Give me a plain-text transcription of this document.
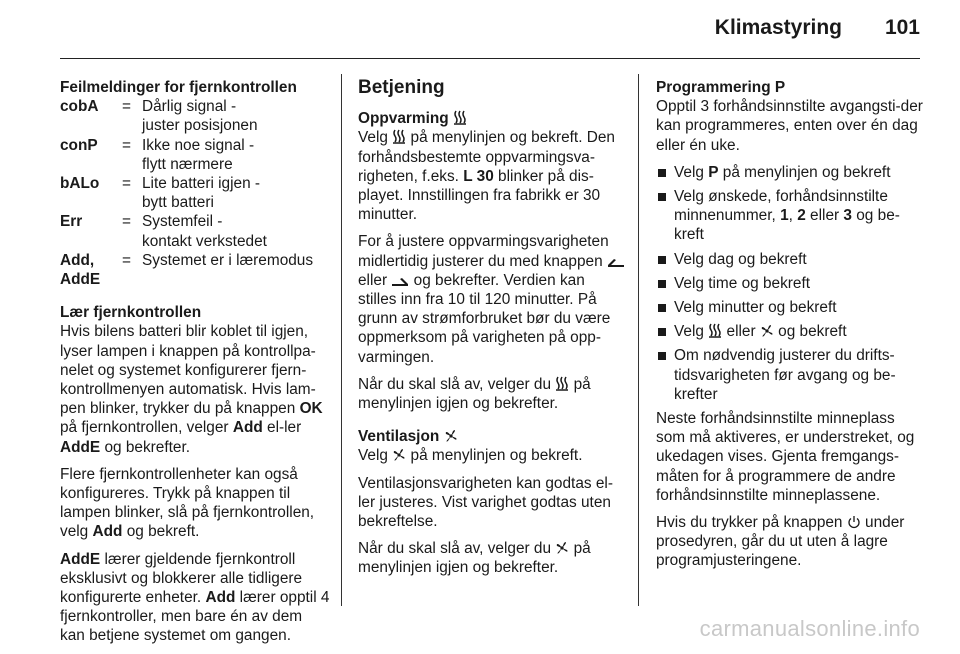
Klimastyring 101

Feilmeldinger for fjernkontrollen

cobA	=	Dårlig signal -
juster posisjonen
conP	=	Ikke noe signal -
flytt nærmere
bALo	=	Lite batteri igjen -
bytt batteri
Err	=	Systemfeil -
kontakt verkstedet
Add,
AddE	=	Systemet er i læremodus

Lær fjernkontrollen

Hvis bilens batteri blir koblet til igjen, lyser lampen i knappen på kontrollpa-nelet og systemet konfigurerer fjern-kontrollmenyen automatisk. Hvis lam-pen blinker, trykker du på knappen OK på fjernkontrollen, velger Add el-ler AddE og bekrefter.

Flere fjernkontrollenheter kan også konfigureres. Trykk på knappen til lampen blinker, slå på fjernkontrollen, velg Add og bekreft.

AddE lærer gjeldende fjernkontroll eksklusivt og blokkerer alle tidligere konfigurerte enheter. Add lærer opptil 4 fjernkontroller, men bare én av dem kan betjene systemet om gangen.

Betjening

Oppvarming

Velg  på menylinjen og bekreft. Den forhåndsbestemte oppvarmingsva-righeten, f.eks. L 30 blinker på dis-playet. Innstillingen fra fabrikk er 30 minutter.

For å justere oppvarmingsvarigheten midlertidig justerer du med knappen  eller  og bekrefter. Verdien kan stilles inn fra 10 til 120 minutter. På grunn av strømforbruket bør du være oppmerksom på varigheten på opp-varmingen.

Når du skal slå av, velger du  på menylinjen igjen og bekrefter.

Ventilasjon

Velg  på menylinjen og bekreft.

Ventilasjonsvarigheten kan godtas el-ler justeres. Vist varighet godtas uten bekreftelse.

Når du skal slå av, velger du  på menylinjen igjen og bekrefter.

Programmering P

Opptil 3 forhåndsinnstilte avgangsti-der kan programmeres, enten over én dag eller én uke.

Velg P på menylinjen og bekreft
Velg ønskede, forhåndsinnstilte minnenummer, 1, 2 eller 3 og be-kreft
Velg dag og bekreft
Velg time og bekreft
Velg minutter og bekreft
Velg  eller  og bekreft
Om nødvendig justerer du drifts-tidsvarigheten før avgang og be-krefter

Neste forhåndsinnstilte minneplass som må aktiveres, er understreket, og ukedagen vises. Gjenta fremgangs-måten for å programmere de andre forhåndsinnstilte minneplassene.

Hvis du trykker på knappen  under prosedyren, går du ut uten å lagre programjusteringene.

carmanualsonline.info
